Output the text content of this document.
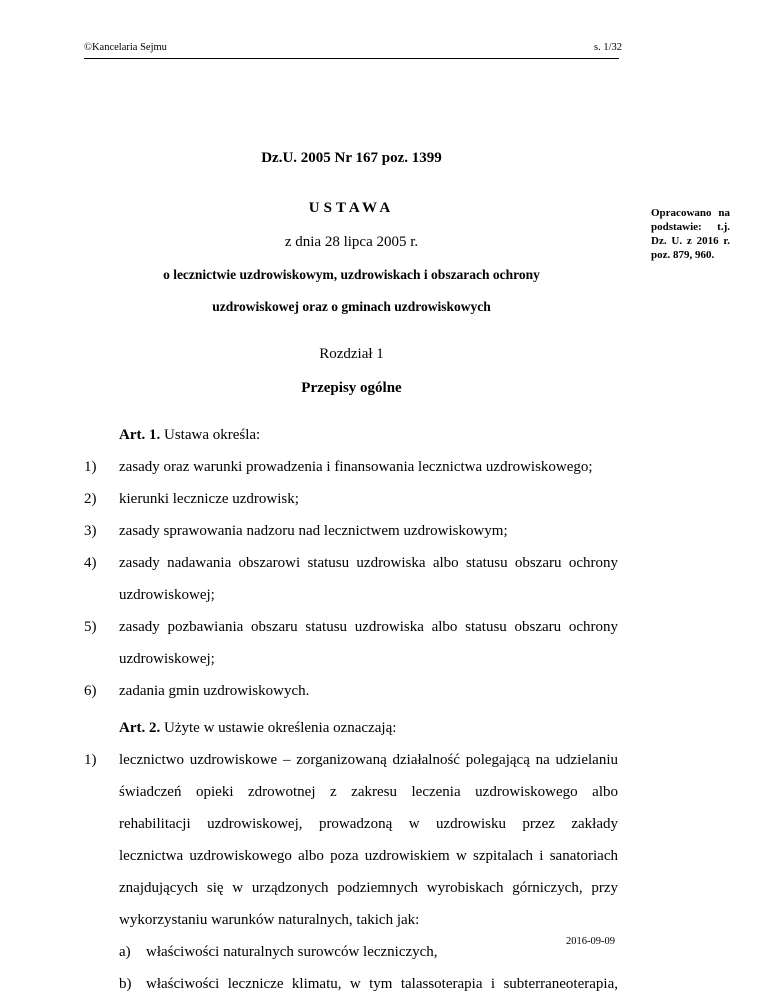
©Kancelaria Sejmu	s. 1/32
Dz.U. 2005 Nr 167 poz. 1399
USTAWA
z dnia 28 lipca 2005 r.
o lecznictwie uzdrowiskowym, uzdrowiskach i obszarach ochrony
uzdrowiskowej oraz o gminach uzdrowiskowych
Opracowano na podstawie: t.j. Dz. U. z 2016 r. poz. 879, 960.
Rozdział 1
Przepisy ogólne
Art. 1. Ustawa określa:
1) zasady oraz warunki prowadzenia i finansowania lecznictwa uzdrowiskowego;
2) kierunki lecznicze uzdrowisk;
3) zasady sprawowania nadzoru nad lecznictwem uzdrowiskowym;
4) zasady nadawania obszarowi statusu uzdrowiska albo statusu obszaru ochrony
uzdrowiskowej;
5) zasady pozbawiania obszaru statusu uzdrowiska albo statusu obszaru ochrony
uzdrowiskowej;
6) zadania gmin uzdrowiskowych.
Art. 2. Użyte w ustawie określenia oznaczają:
1) lecznictwo uzdrowiskowe – zorganizowaną działalność polegającą na udzielaniu
świadczeń opieki zdrowotnej z zakresu leczenia uzdrowiskowego albo
rehabilitacji uzdrowiskowej, prowadzoną w uzdrowisku przez zakłady
lecznictwa uzdrowiskowego albo poza uzdrowiskiem w szpitalach i sanatoriach
znajdujących się w urządzonych podziemnych wyrobiskach górniczych, przy
wykorzystaniu warunków naturalnych, takich jak:
a) właściwości naturalnych surowców leczniczych,
b) właściwości lecznicze klimatu, w tym talassoterapia i subterraneoterapia,
2016-09-09
